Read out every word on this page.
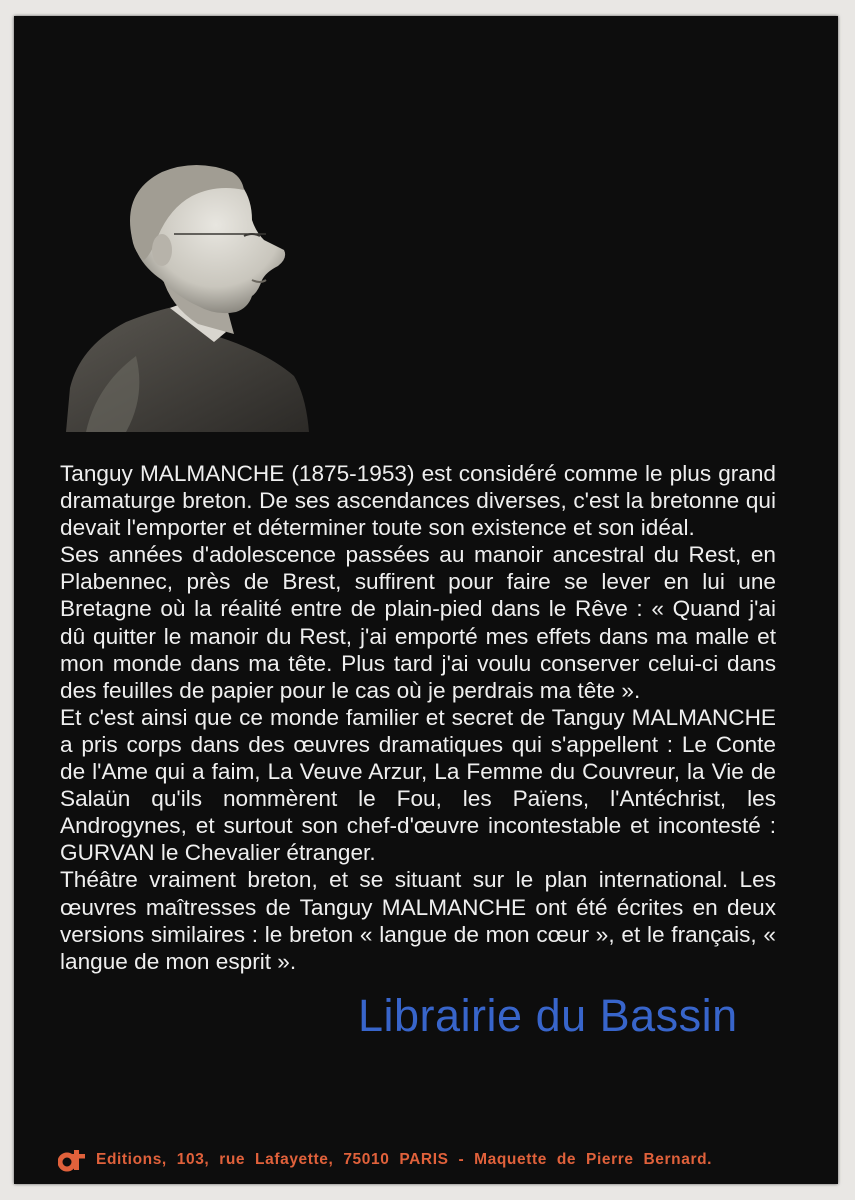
Tanguy MALMANCHE (1875-1953) est considéré comme le plus grand dramaturge breton. De ses ascendances diverses, c'est la bretonne qui devait l'emporter et déterminer toute son existence et son idéal.

Ses années d'adolescence passées au manoir ancestral du Rest, en Plabennec, près de Brest, suffirent pour faire se lever en lui une Bretagne où la réalité entre de plain-pied dans le Rêve : « Quand j'ai dû quitter le manoir du Rest, j'ai emporté mes effets dans ma malle et mon monde dans ma tête. Plus tard j'ai voulu conserver celui-ci dans des feuilles de papier pour le cas où je perdrais ma tête ».

Et c'est ainsi que ce monde familier et secret de Tanguy MALMANCHE a pris corps dans des œuvres dramatiques qui s'appellent : Le Conte de l'Ame qui a faim, La Veuve Arzur, La Femme du Couvreur, la Vie de Salaün qu'ils nommèrent le Fou, les Païens, l'Antéchrist, les Androgynes, et surtout son chef-d'œuvre incontestable et incontesté : GURVAN le Chevalier étranger.

Théâtre vraiment breton, et se situant sur le plan international. Les œuvres maîtresses de Tanguy MALMANCHE ont été écrites en deux versions similaires : le breton « langue de mon cœur », et le français, « langue de mon esprit ».

Editions, 103, rue Lafayette, 75010 PARIS - Maquette de Pierre Bernard.
Librairie du Bassin
